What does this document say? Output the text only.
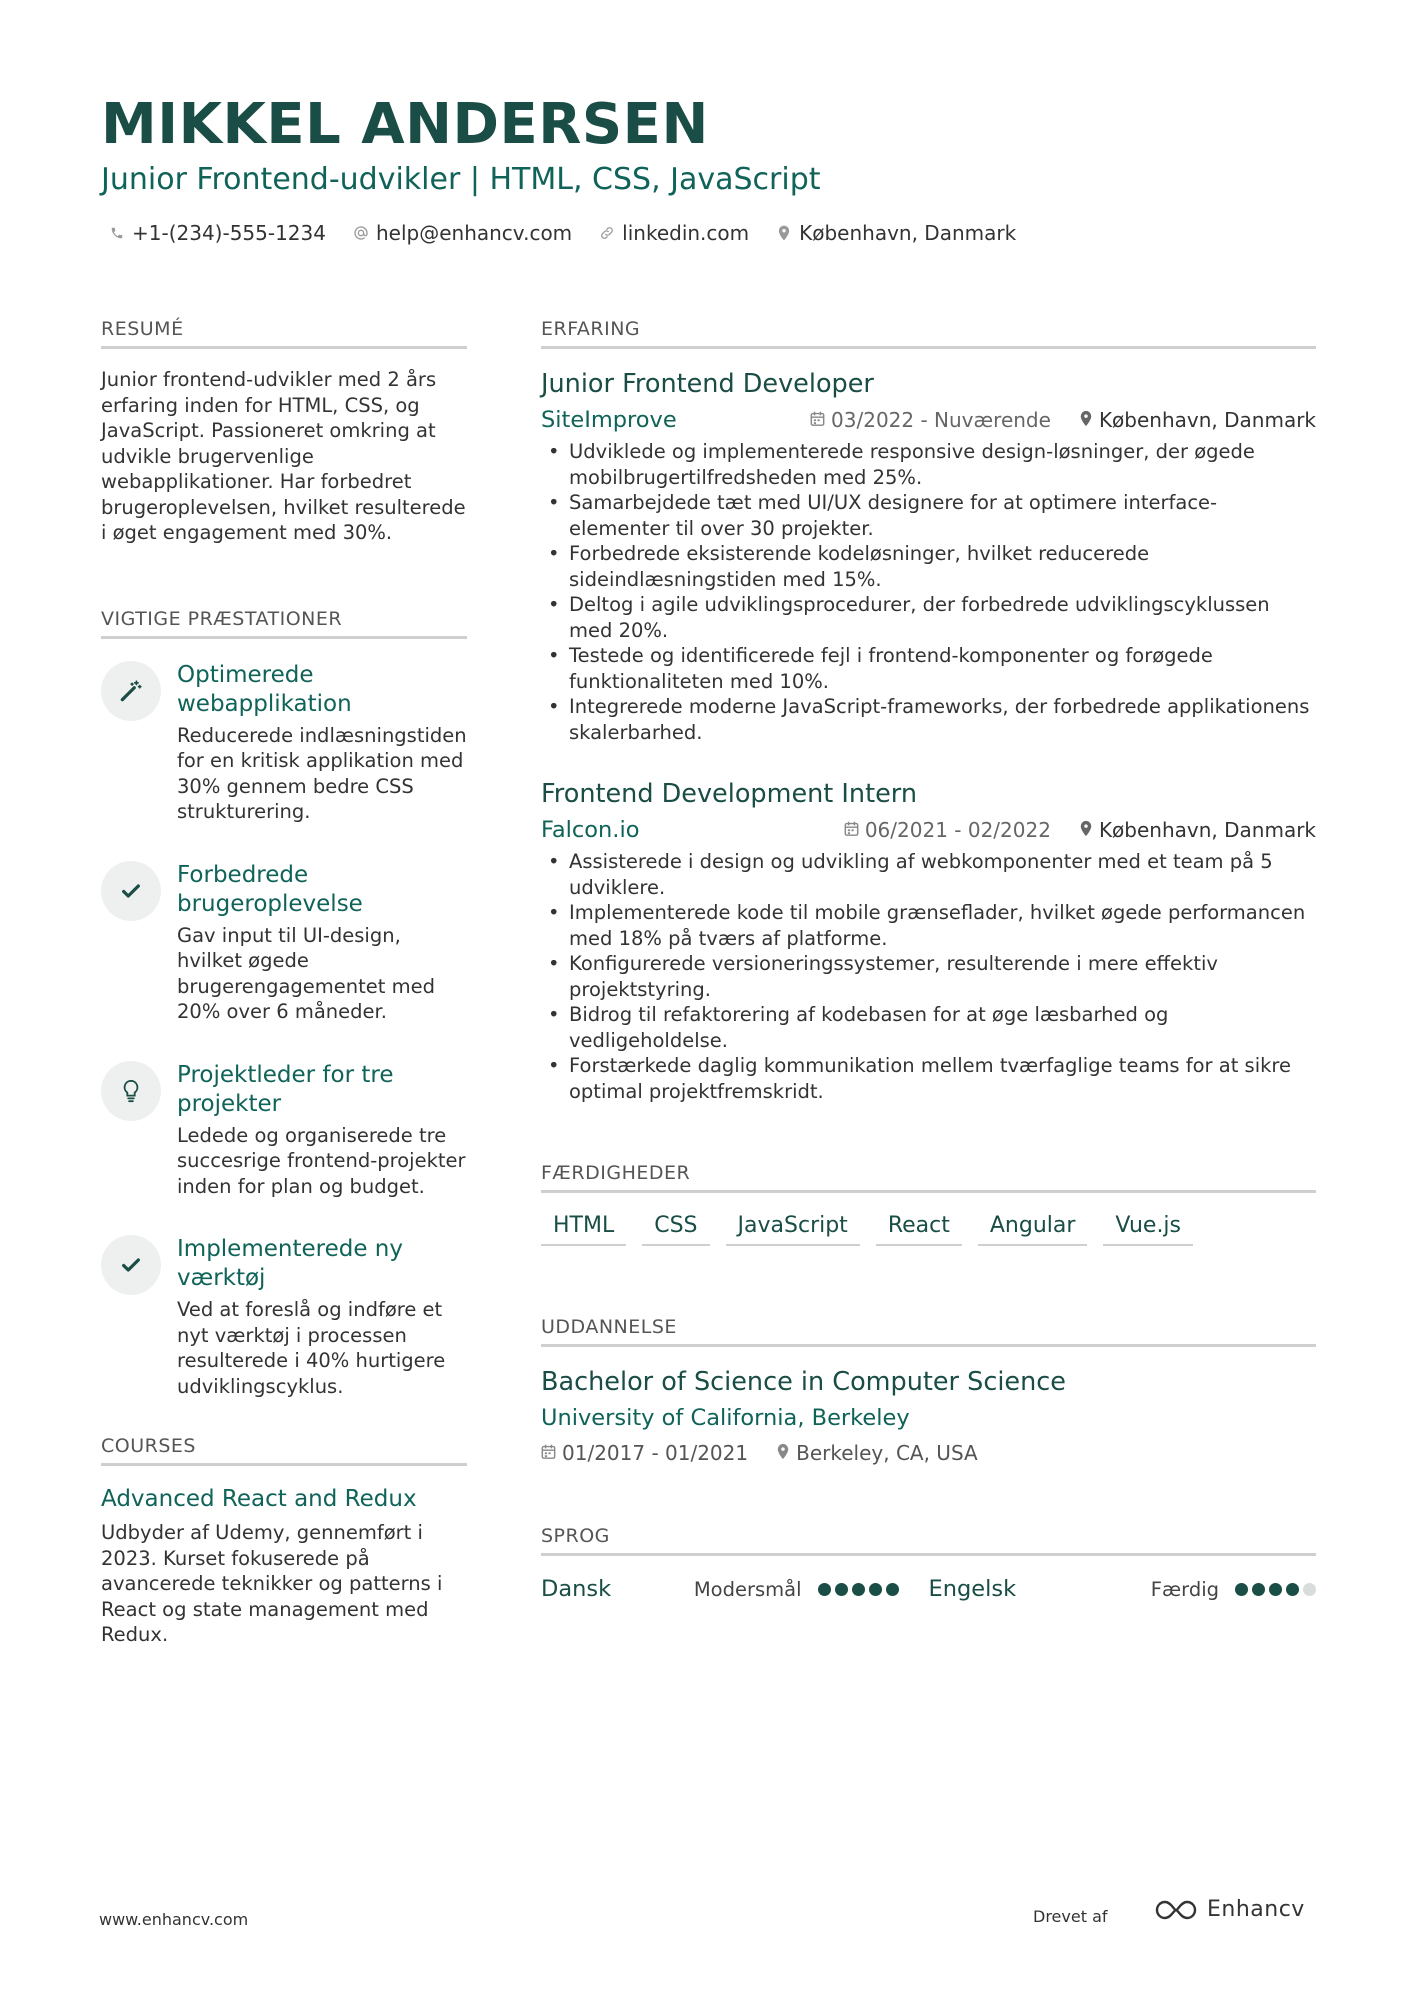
MIKKEL ANDERSEN
Junior Frontend-udvikler | HTML, CSS, JavaScript
+1-(234)-555-1234	help@enhancv.com	linkedin.com	København, Danmark
RESUMÉ
Junior frontend-udvikler med 2 års erfaring inden for HTML, CSS, og JavaScript. Passioneret omkring at udvikle brugervenlige webapplikationer. Har forbedret brugeroplevelsen, hvilket resulterede i øget engagement med 30%.
VIGTIGE PRÆSTATIONER
Optimerede webapplikation
Reducerede indlæsningstiden for en kritisk applikation med 30% gennem bedre CSS strukturering.
Forbedrede brugeroplevelse
Gav input til UI-design, hvilket øgede brugerengagementet med 20% over 6 måneder.
Projektleder for tre projekter
Ledede og organiserede tre succesrige frontend-projekter inden for plan og budget.
Implementerede ny værktøj
Ved at foreslå og indføre et nyt værktøj i processen resulterede i 40% hurtigere udviklingscyklus.
COURSES
Advanced React and Redux
Udbyder af Udemy, gennemført i 2023. Kurset fokuserede på avancerede teknikker og patterns i React og state management med Redux.
ERFARING
Junior Frontend Developer
SiteImprove	03/2022 - Nuværende København, Danmark
• Udviklede og implementerede responsive design-løsninger, der øgede mobilbrugertilfredsheden med 25%.
• Samarbejdede tæt med UI/UX designere for at optimere interface-elementer til over 30 projekter.
• Forbedrede eksisterende kodeløsninger, hvilket reducerede sideindlæsningstiden med 15%.
• Deltog i agile udviklingsprocedurer, der forbedrede udviklingscyklussen med 20%.
• Testede og identificerede fejl i frontend-komponenter og forøgede funktionaliteten med 10%.
• Integrerede moderne JavaScript-frameworks, der forbedrede applikationens skalerbarhed.
Frontend Development Intern
Falcon.io	06/2021 - 02/2022 København, Danmark
• Assisterede i design og udvikling af webkomponenter med et team på 5 udviklere.
• Implementerede kode til mobile grænseflader, hvilket øgede performancen med 18% på tværs af platforme.
• Konfigurerede versioneringssystemer, resulterende i mere effektiv projektstyring.
• Bidrog til refaktorering af kodebasen for at øge læsbarhed og vedligeholdelse.
• Forstærkede daglig kommunikation mellem tværfaglige teams for at sikre optimal projektfremskridt.
FÆRDIGHEDER
HTML	CSS	JavaScript	React	Angular	Vue.js
UDDANNELSE
Bachelor of Science in Computer Science
University of California, Berkeley
01/2017 - 01/2021 Berkeley, CA, USA
SPROG
Dansk	Modersmål	Engelsk	Færdig
www.enhancv.com	Drevet af	Enhancv
